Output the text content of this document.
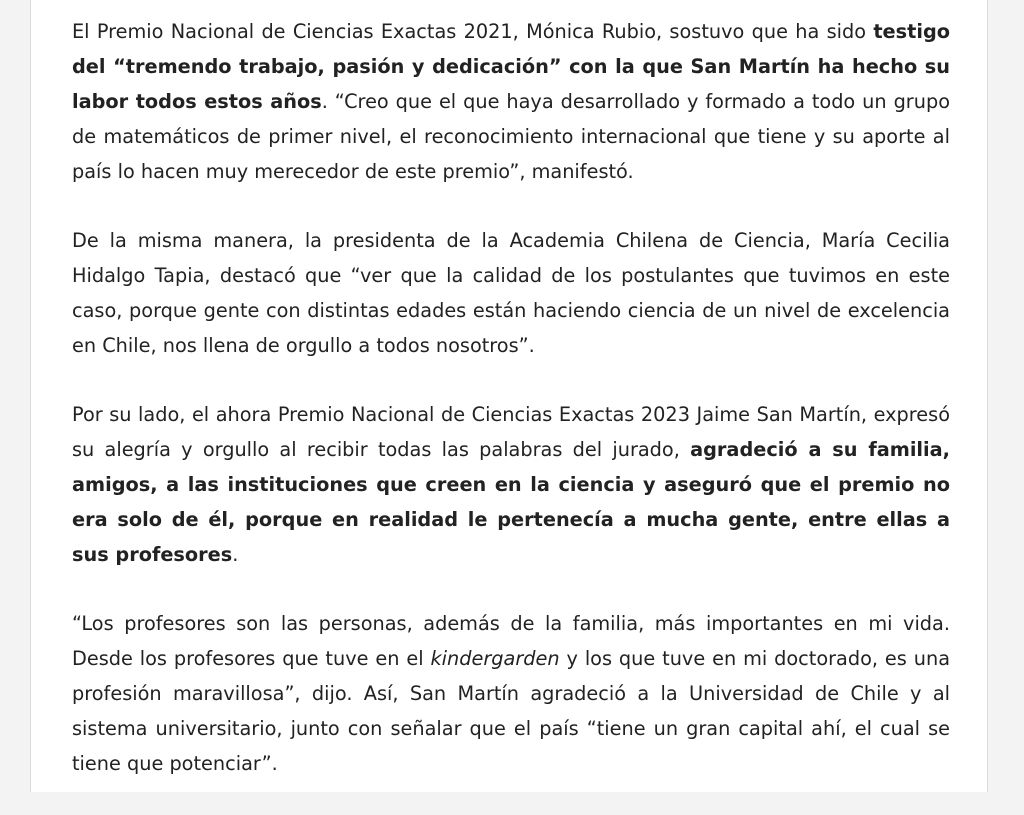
El Premio Nacional de Ciencias Exactas 2021, Mónica Rubio, sostuvo que ha sido testigo del “tremendo trabajo, pasión y dedicación” con la que San Martín ha hecho su labor todos estos años. “Creo que el que haya desarrollado y formado a todo un grupo de matemáticos de primer nivel, el reconocimiento internacional que tiene y su aporte al país lo hacen muy merecedor de este premio”, manifestó.

De la misma manera, la presidenta de la Academia Chilena de Ciencia, María Cecilia Hidalgo Tapia, destacó que “ver que la calidad de los postulantes que tuvimos en este caso, porque gente con distintas edades están haciendo ciencia de un nivel de excelencia en Chile, nos llena de orgullo a todos nosotros”.

Por su lado, el ahora Premio Nacional de Ciencias Exactas 2023 Jaime San Martín, expresó su alegría y orgullo al recibir todas las palabras del jurado, agradeció a su familia, amigos, a las instituciones que creen en la ciencia y aseguró que el premio no era solo de él, porque en realidad le pertenecía a mucha gente, entre ellas a sus profesores.

“Los profesores son las personas, además de la familia, más importantes en mi vida. Desde los profesores que tuve en el kindergarden y los que tuve en mi doctorado, es una profesión maravillosa”, dijo. Así, San Martín agradeció a la Universidad de Chile y al sistema universitario, junto con señalar que el país “tiene un gran capital ahí, el cual se tiene que potenciar”.
